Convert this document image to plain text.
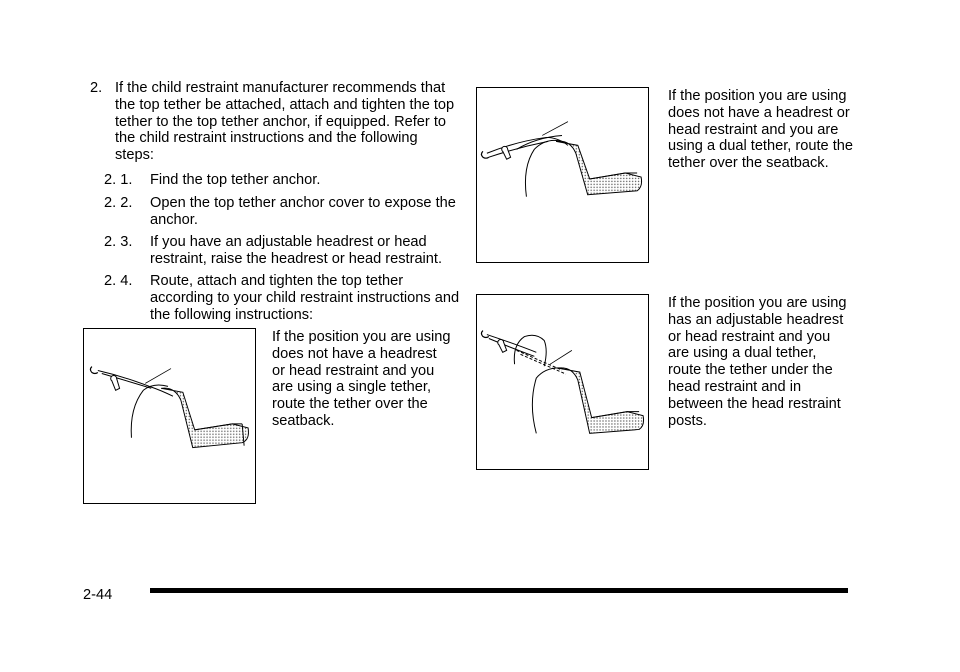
2. If the child restraint manufacturer recommends that the top tether be attached, attach and tighten the top tether to the top tether anchor, if equipped. Refer to the child restraint instructions and the following steps:
2. 1. Find the top tether anchor.
2. 2. Open the top tether anchor cover to expose the anchor.
2. 3. If you have an adjustable headrest or head restraint, raise the headrest or head restraint.
2. 4. Route, attach and tighten the top tether according to your child restraint instructions and the following instructions:
If the position you are using does not have a headrest or head restraint and you are using a single tether, route the tether over the seatback.
If the position you are using does not have a headrest or head restraint and you are using a dual tether, route the tether over the seatback.
If the position you are using has an adjustable headrest or head restraint and you are using a dual tether, route the tether under the head restraint and in between the head restraint posts.
2-44
